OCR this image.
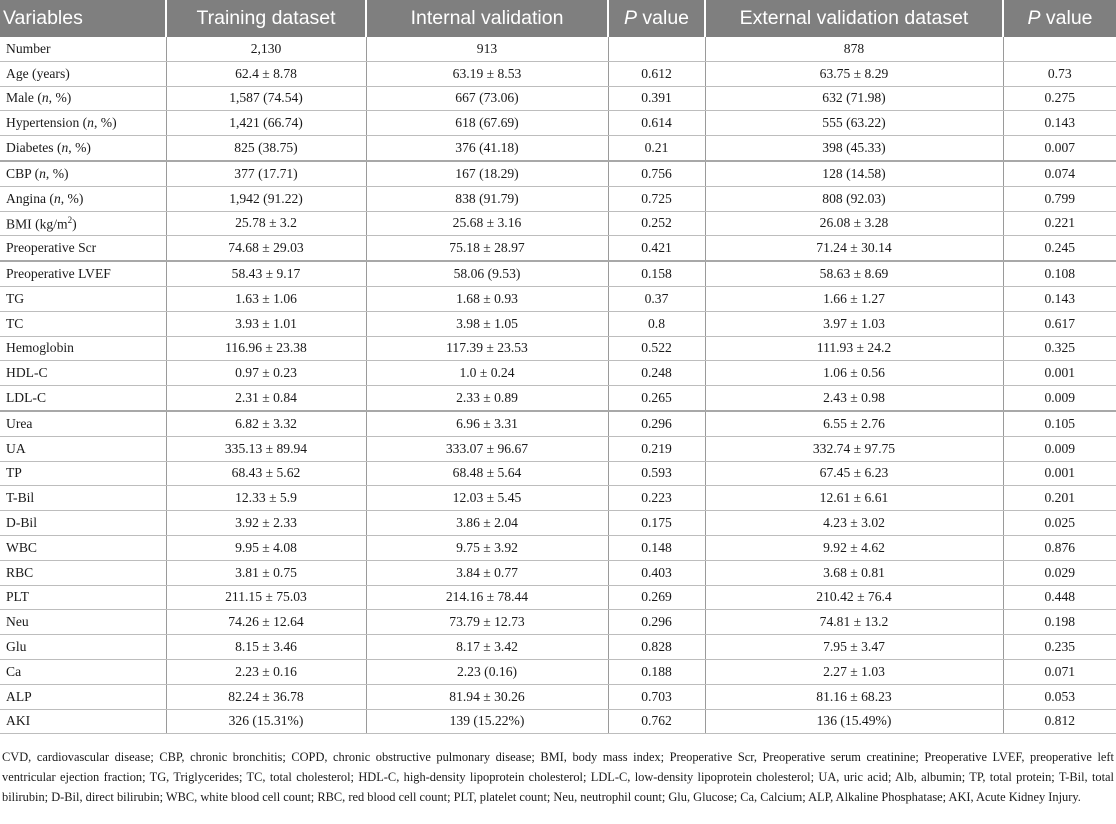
Variables	Training dataset	Internal validation	P value	External validation dataset	P value
Number	2,130	913		878	
Age (years)	62.4 ± 8.78	63.19 ± 8.53	0.612	63.75 ± 8.29	0.73
Male (n, %)	1,587 (74.54)	667 (73.06)	0.391	632 (71.98)	0.275
Hypertension (n, %)	1,421 (66.74)	618 (67.69)	0.614	555 (63.22)	0.143
Diabetes (n, %)	825 (38.75)	376 (41.18)	0.21	398 (45.33)	0.007
CBP (n, %)	377 (17.71)	167 (18.29)	0.756	128 (14.58)	0.074
Angina (n, %)	1,942 (91.22)	838 (91.79)	0.725	808 (92.03)	0.799
BMI $(kg/m^2)$	25.78 ± 3.2	25.68 ± 3.16	0.252	26.08 ± 3.28	0.221
Preoperative Scr	74.68 ± 29.03	75.18 ± 28.97	0.421	71.24 ± 30.14	0.245
Preoperative LVEF	58.43 ± 9.17	58.06 (9.53)	0.158	58.63 ± 8.69	0.108
TG	1.63 ± 1.06	1.68 ± 0.93	0.37	1.66 ± 1.27	0.143
TC	3.93 ± 1.01	3.98 ± 1.05	0.8	3.97 ± 1.03	0.617
Hemoglobin	116.96 ± 23.38	117.39 ± 23.53	0.522	111.93 ± 24.2	0.325
HDL-C	0.97 ± 0.23	1.0 ± 0.24	0.248	1.06 ± 0.56	0.001
LDL-C	2.31 ± 0.84	2.33 ± 0.89	0.265	2.43 ± 0.98	0.009
Urea	6.82 ± 3.32	6.96 ± 3.31	0.296	6.55 ± 2.76	0.105
UA	335.13 ± 89.94	333.07 ± 96.67	0.219	332.74 ± 97.75	0.009
TP	68.43 ± 5.62	68.48 ± 5.64	0.593	67.45 ± 6.23	0.001
T-Bil	12.33 ± 5.9	12.03 ± 5.45	0.223	12.61 ± 6.61	0.201
D-Bil	3.92 ± 2.33	3.86 ± 2.04	0.175	4.23 ± 3.02	0.025
WBC	9.95 ± 4.08	9.75 ± 3.92	0.148	9.92 ± 4.62	0.876
RBC	3.81 ± 0.75	3.84 ± 0.77	0.403	3.68 ± 0.81	0.029
PLT	211.15 ± 75.03	214.16 ± 78.44	0.269	210.42 ± 76.4	0.448
Neu	74.26 ± 12.64	73.79 ± 12.73	0.296	74.81 ± 13.2	0.198
Glu	8.15 ± 3.46	8.17 ± 3.42	0.828	7.95 ± 3.47	0.235
Ca	2.23 ± 0.16	2.23 (0.16)	0.188	2.27 ± 1.03	0.071
ALP	82.24 ± 36.78	81.94 ± 30.26	0.703	81.16 ± 68.23	0.053
AKI	326 (15.31%)	139 (15.22%)	0.762	136 (15.49%)	0.812

CVD, cardiovascular disease; CBP, chronic bronchitis; COPD, chronic obstructive pulmonary disease; BMI, body mass index; Preoperative Scr, Preoperative serum creatinine; Preoperative LVEF, preoperative left ventricular ejection fraction; TG, Triglycerides; TC, total cholesterol; HDL-C, high-density lipoprotein cholesterol; LDL-C, low-density lipoprotein cholesterol; UA, uric acid; Alb, albumin; TP, total protein; T-Bil, total bilirubin; D-Bil, direct bilirubin; WBC, white blood cell count; RBC, red blood cell count; PLT, platelet count; Neu, neutrophil count; Glu, Glucose; Ca, Calcium; ALP, Alkaline Phosphatase; AKI, Acute Kidney Injury.
